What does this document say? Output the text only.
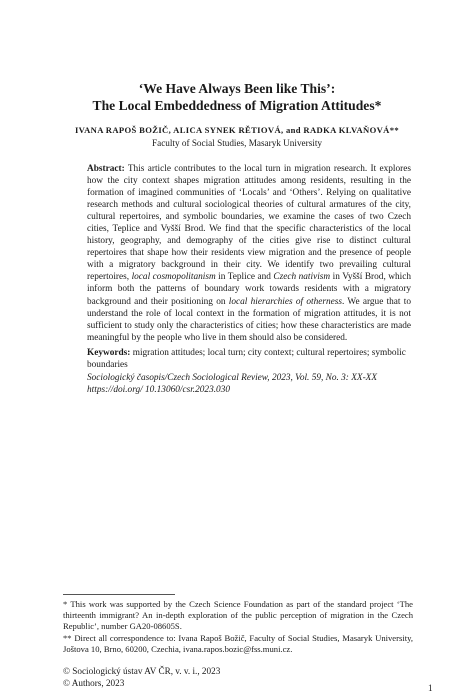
‘We Have Always Been like This’:
The Local Embeddedness of Migration Attitudes*
IVANA RAPOŠ BOŽIČ, ALICA SYNEK RĚTIOVÁ, and RADKA KLVAŇOVÁ**
Faculty of Social Studies, Masaryk University

Abstract: This article contributes to the local turn in migration research. It explores how the city context shapes migration attitudes among residents, resulting in the formation of imagined communities of ‘Locals’ and ‘Others’. Relying on qualitative research methods and cultural sociological theories of cultural armatures of the city, cultural repertoires, and symbolic boundaries, we examine the cases of two Czech cities, Teplice and Vyšší Brod. We find that the specific characteristics of the local history, geography, and demography of the cities give rise to distinct cultural repertoires that shape how their residents view migration and the presence of people with a migratory background in their city. We identify two prevailing cultural repertoires, local cosmopolitanism in Teplice and Czech nativism in Vyšší Brod, which inform both the patterns of boundary work towards residents with a migratory background and their positioning on local hierarchies of otherness. We argue that to understand the role of local context in the formation of migration attitudes, it is not sufficient to study only the characteristics of cities; how these characteristics are made meaningful by the people who live in them should also be considered.

Keywords: migration attitudes; local turn; city context; cultural repertoires; symbolic boundaries

Sociologický časopis/Czech Sociological Review, 2023, Vol. 59, No. 3: XX-XX
https://doi.org/ 10.13060/csr.2023.030

* This work was supported by the Czech Science Foundation as part of the standard project ‘The thirteenth immigrant? An in-depth exploration of the public perception of migration in the Czech Republic’, number GA20-08605S.

** Direct all correspondence to: Ivana Rapoš Božič, Faculty of Social Studies, Masaryk University, Joštova 10, Brno, 60200, Czechia, ivana.rapos.bozic@fss.muni.cz.

© Sociologický ústav AV ČR, v. v. i., 2023

© Authors, 2023	1
